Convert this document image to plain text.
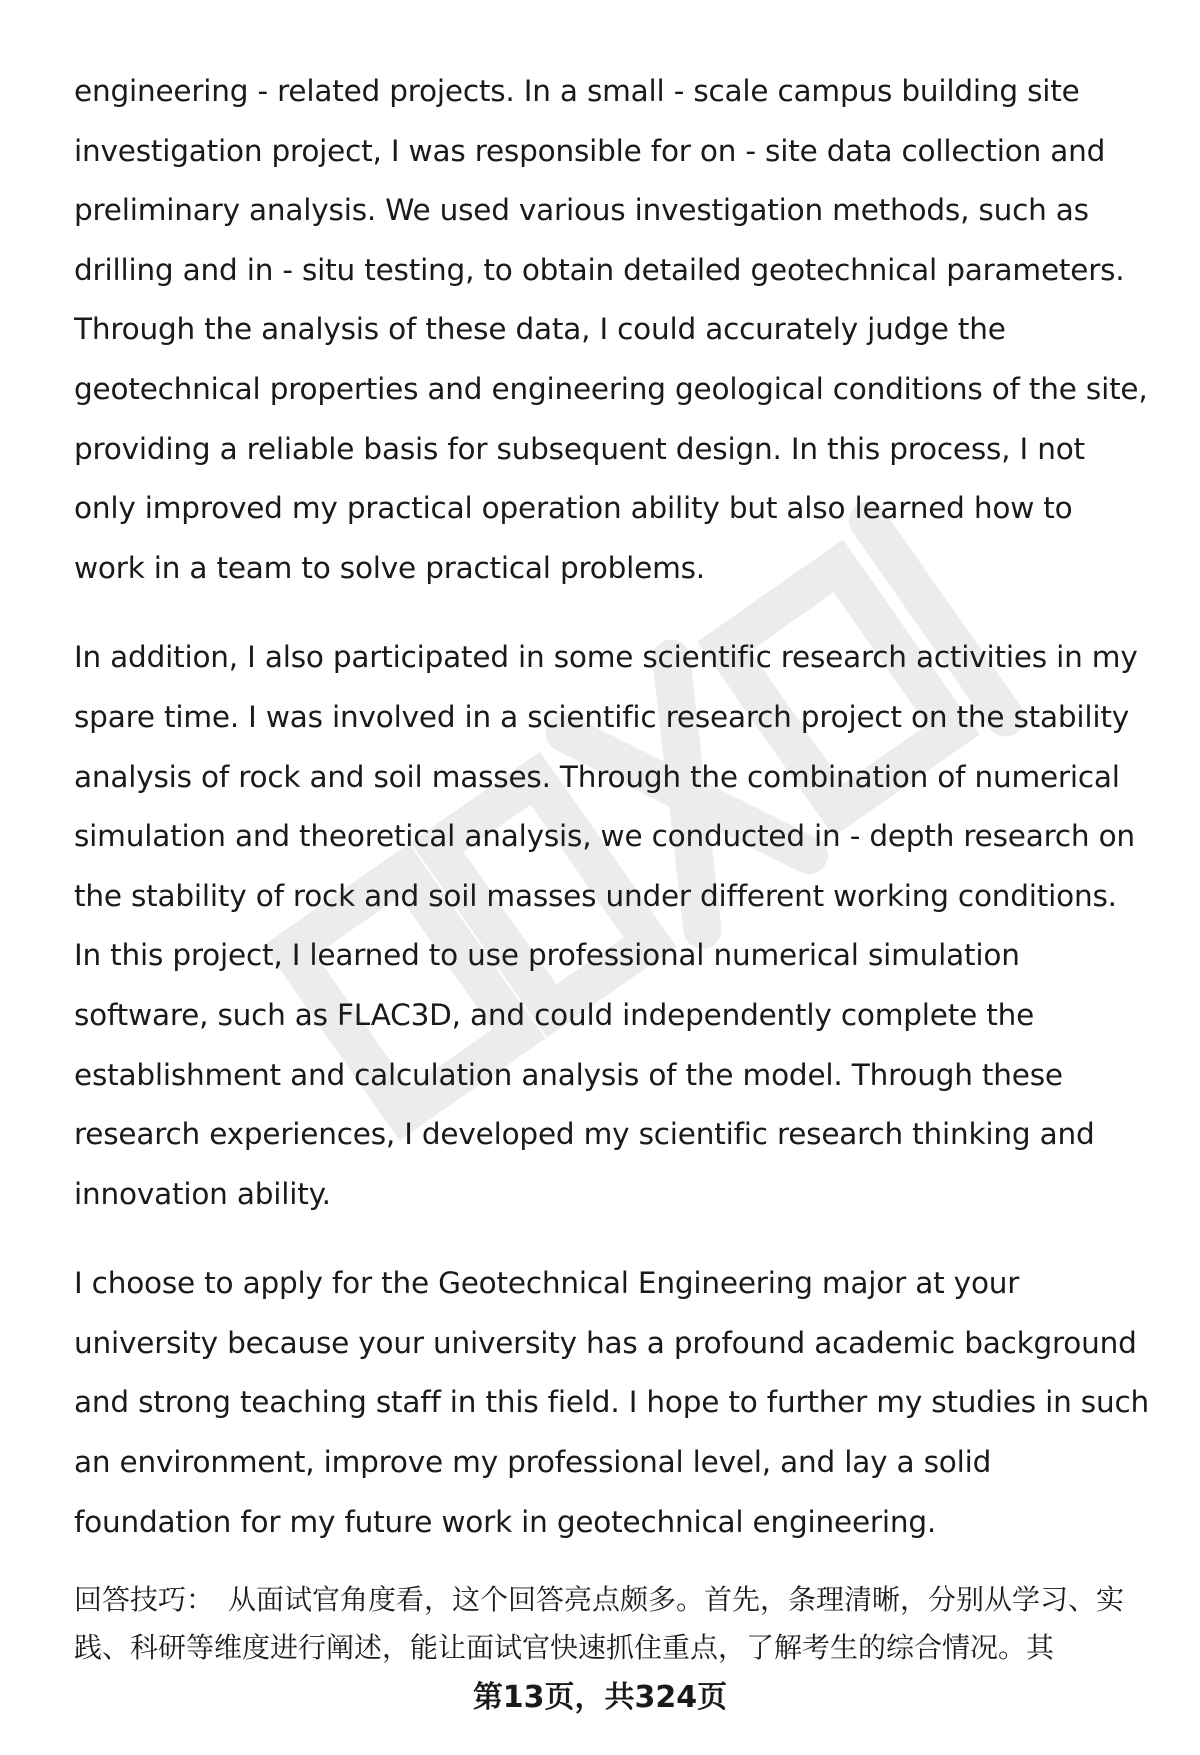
engineering - related projects. In a small - scale campus building site investigation project, I was responsible for on - site data collection and preliminary analysis. We used various investigation methods, such as drilling and in - situ testing, to obtain detailed geotechnical parameters. Through the analysis of these data, I could accurately judge the geotechnical properties and engineering geological conditions of the site, providing a reliable basis for subsequent design. In this process, I not only improved my practical operation ability but also learned how to work in a team to solve practical problems.

In addition, I also participated in some scientific research activities in my spare time. I was involved in a scientific research project on the stability analysis of rock and soil masses. Through the combination of numerical simulation and theoretical analysis, we conducted in - depth research on the stability of rock and soil masses under different working conditions. In this project, I learned to use professional numerical simulation software, such as FLAC3D, and could independently complete the establishment and calculation analysis of the model. Through these research experiences, I developed my scientific research thinking and innovation ability.

I choose to apply for the Geotechnical Engineering major at your university because your university has a profound academic background and strong teaching staff in this field. I hope to further my studies in such an environment, improve my professional level, and lay a solid foundation for my future work in geotechnical engineering.

回答技巧： 从面试官角度看，这个回答亮点颇多。首先，条理清晰，分别从学习、实践、科研等维度进行阐述，能让面试官快速抓住重点，了解考生的综合情况。其
第13页，共324页
